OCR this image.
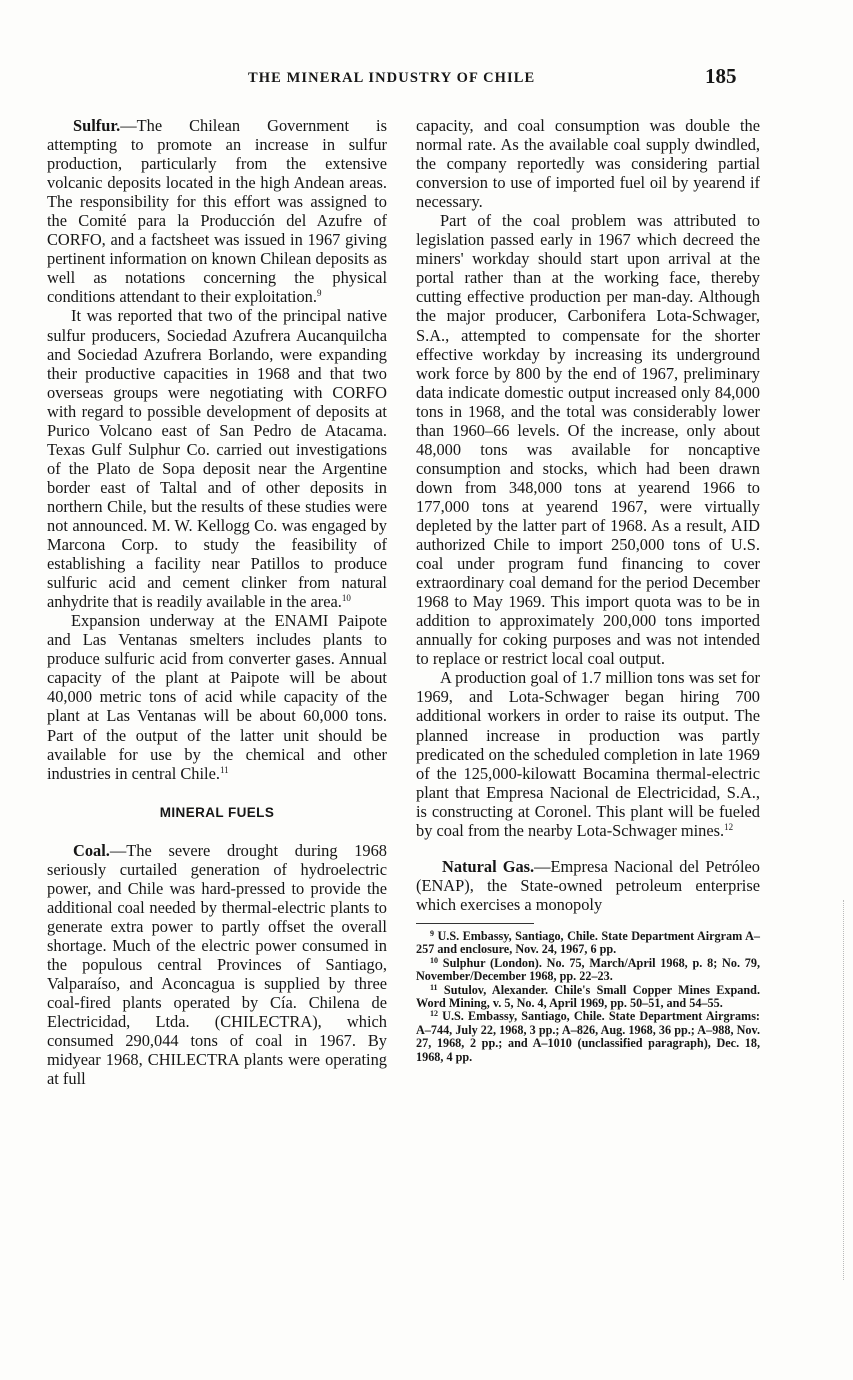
THE MINERAL INDUSTRY OF CHILE	185

Sulfur.—The Chilean Government is attempting to promote an increase in sulfur production, particularly from the extensive volcanic deposits located in the high Andean areas. The responsibility for this effort was assigned to the Comité para la Producción del Azufre of CORFO, and a factsheet was issued in 1967 giving pertinent information on known Chilean deposits as well as notations concerning the physical conditions attendant to their exploitation.$^9$

It was reported that two of the principal native sulfur producers, Sociedad Azufrera Aucanquilcha and Sociedad Azufrera Borlando, were expanding their productive capacities in 1968 and that two overseas groups were negotiating with CORFO with regard to possible development of deposits at Purico Volcano east of San Pedro de Atacama. Texas Gulf Sulphur Co. carried out investigations of the Plato de Sopa deposit near the Argentine border east of Taltal and of other deposits in northern Chile, but the results of these studies were not announced. M. W. Kellogg Co. was engaged by Marcona Corp. to study the feasibility of establishing a facility near Patillos to produce sulfuric acid and cement clinker from natural anhydrite that is readily available in the area.$^{10}$

Expansion underway at the ENAMI Paipote and Las Ventanas smelters includes plants to produce sulfuric acid from converter gases. Annual capacity of the plant at Paipote will be about 40,000 metric tons of acid while capacity of the plant at Las Ventanas will be about 60,000 tons. Part of the output of the latter unit should be available for use by the chemical and other industries in central Chile.$^{11}$

MINERAL FUELS

Coal.—The severe drought during 1968 seriously curtailed generation of hydroelectric power, and Chile was hard-pressed to provide the additional coal needed by thermal-electric plants to generate extra power to partly offset the overall shortage. Much of the electric power consumed in the populous central Provinces of Santiago, Valparaíso, and Aconcagua is supplied by three coal-fired plants operated by Cía. Chilena de Electricidad, Ltda. (CHILECTRA), which consumed 290,044 tons of coal in 1967. By midyear 1968, CHILECTRA plants were operating at full

capacity, and coal consumption was double the normal rate. As the available coal supply dwindled, the company reportedly was considering partial conversion to use of imported fuel oil by yearend if necessary.

Part of the coal problem was attributed to legislation passed early in 1967 which decreed the miners' workday should start upon arrival at the portal rather than at the working face, thereby cutting effective production per man-day. Although the major producer, Carbonifera Lota-Schwager, S.A., attempted to compensate for the shorter effective workday by increasing its underground work force by 800 by the end of 1967, preliminary data indicate domestic output increased only 84,000 tons in 1968, and the total was considerably lower than 1960–66 levels. Of the increase, only about 48,000 tons was available for noncaptive consumption and stocks, which had been drawn down from 348,000 tons at yearend 1966 to 177,000 tons at yearend 1967, were virtually depleted by the latter part of 1968. As a result, AID authorized Chile to import 250,000 tons of U.S. coal under program fund financing to cover extraordinary coal demand for the period December 1968 to May 1969. This import quota was to be in addition to approximately 200,000 tons imported annually for coking purposes and was not intended to replace or restrict local coal output.

A production goal of 1.7 million tons was set for 1969, and Lota-Schwager began hiring 700 additional workers in order to raise its output. The planned increase in production was partly predicated on the scheduled completion in late 1969 of the 125,000-kilowatt Bocamina thermal-electric plant that Empresa Nacional de Electricidad, S.A., is constructing at Coronel. This plant will be fueled by coal from the nearby Lota-Schwager mines.$^{12}$

Natural Gas.—Empresa Nacional del Petróleo (ENAP), the State-owned petroleum enterprise which exercises a monopoly

$^9$ U.S. Embassy, Santiago, Chile. State Department Airgram A–257 and enclosure, Nov. 24, 1967, 6 pp.

$^{10}$ Sulphur (London). No. 75, March/April 1968, p. 8; No. 79, November/December 1968, pp. 22–23.

$^{11}$ Sutulov, Alexander. Chile's Small Copper Mines Expand. Word Mining, v. 5, No. 4, April 1969, pp. 50–51, and 54–55.

$^{12}$ U.S. Embassy, Santiago, Chile. State Department Airgrams: A–744, July 22, 1968, 3 pp.; A–826, Aug. 1968, 36 pp.; A–988, Nov. 27, 1968, 2 pp.; and A–1010 (unclassified paragraph), Dec. 18, 1968, 4 pp.
